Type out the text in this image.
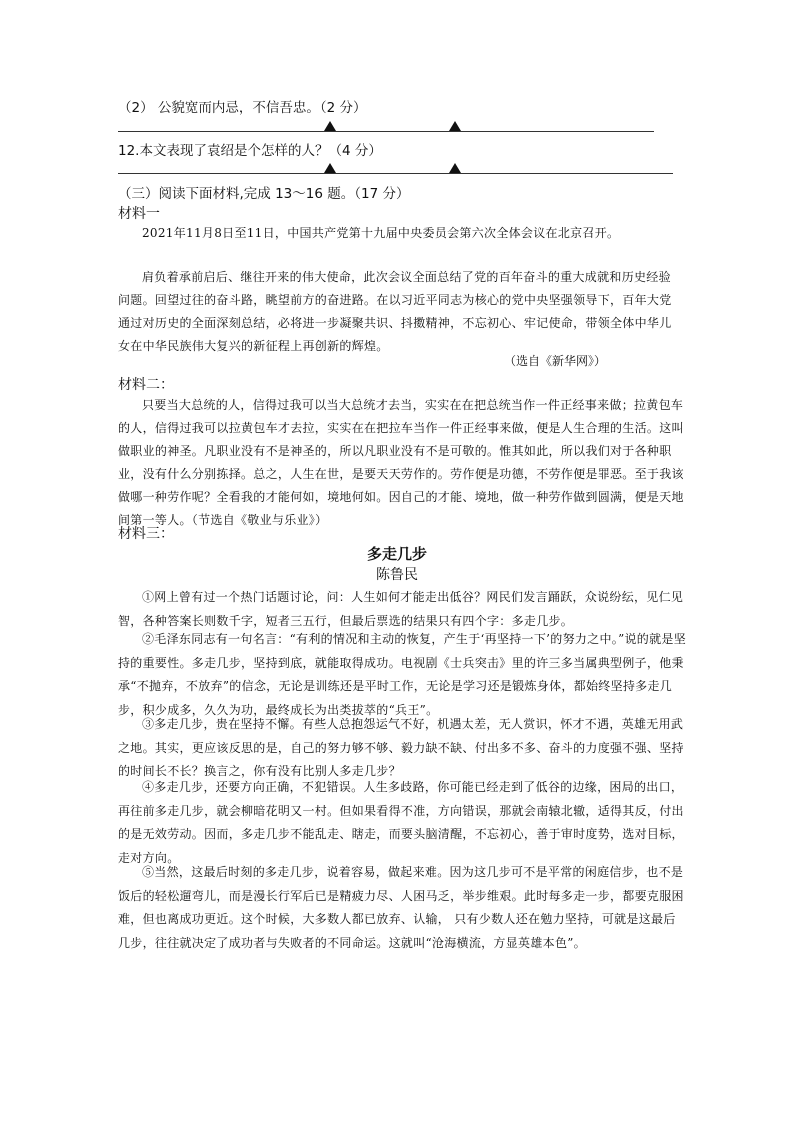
（2） 公貌宽而内忌，不信吾忠。（2 分）
12.本文表现了袁绍是个怎样的人？（4 分）
（三）阅读下面材料,完成 13～16 题。（17 分）
材料一
2021年11月8日至11日，中国共产党第十九届中央委员会第六次全体会议在北京召开。
肩负着承前启后、继往开来的伟大使命，此次会议全面总结了党的百年奋斗的重大成就和历史经验问题。回望过往的奋斗路，眺望前方的奋进路。在以习近平同志为核心的党中央坚强领导下，百年大党通过对历史的全面深刻总结，必将进一步凝聚共识、抖擞精神，不忘初心、牢记使命，带领全体中华儿女在中华民族伟大复兴的新征程上再创新的辉煌。
（选自《新华网》）
材料二：
只要当大总统的人，信得过我可以当大总统才去当，实实在在把总统当作一件正经事来做；拉黄包车的人，信得过我可以拉黄包车才去拉，实实在在把拉车当作一件正经事来做，便是人生合理的生活。这叫做职业的神圣。凡职业没有不是神圣的，所以凡职业没有不是可敬的。惟其如此，所以我们对于各种职业，没有什么分别拣择。总之，人生在世，是要天天劳作的。劳作便是功德，不劳作便是罪恶。至于我该做哪一种劳作呢？全看我的才能何如，境地何如。因自己的才能、境地，做一种劳作做到圆满，便是天地间第一等人。（节选自《敬业与乐业》）
材料三：
多走几步
陈鲁民
①网上曾有过一个热门话题讨论，问：人生如何才能走出低谷？网民们发言踊跃，众说纷纭，见仁见智，各种答案长则数千字，短者三五行，但最后票选的结果只有四个字：多走几步。
②毛泽东同志有一句名言：“有利的情况和主动的恢复，产生于‘再坚持一下’的努力之中。”说的就是坚持的重要性。多走几步，坚持到底，就能取得成功。电视剧《士兵突击》里的许三多当属典型例子，他秉承“不抛弃，不放弃”的信念，无论是训练还是平时工作，无论是学习还是锻炼身体，都始终坚持多走几步，积少成多，久久为功，最终成长为出类拔萃的“兵王”。
③多走几步，贵在坚持不懈。有些人总抱怨运气不好，机遇太差，无人赏识，怀才不遇，英雄无用武之地。其实，更应该反思的是，自己的努力够不够、毅力缺不缺、付出多不多、奋斗的力度强不强、坚持的时间长不长？换言之，你有没有比别人多走几步？
④多走几步，还要方向正确，不犯错误。人生多歧路，你可能已经走到了低谷的边缘，困局的出口，再往前多走几步，就会柳暗花明又一村。但如果看得不准，方向错误，那就会南辕北辙，适得其反，付出的是无效劳动。因而，多走几步不能乱走、瞎走，而要头脑清醒，不忘初心，善于审时度势，选对目标，走对方向。
⑤当然，这最后时刻的多走几步，说着容易，做起来难。因为这几步可不是平常的闲庭信步，也不是饭后的轻松遛弯儿，而是漫长行军后已是精疲力尽、人困马乏，举步维艰。此时每多走一步，都要克服困难，但也离成功更近。这个时候，大多数人都已放弃、认输， 只有少数人还在勉力坚持，可就是这最后几步，往往就决定了成功者与失败者的不同命运。这就叫“沧海横流，方显英雄本色”。
